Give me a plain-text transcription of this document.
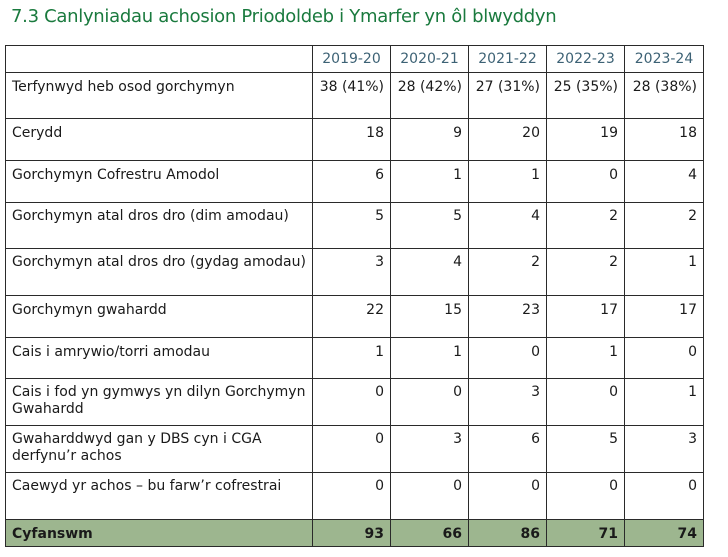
7.3 Canlyniadau achosion Priodoldeb i Ymarfer yn ôl blwyddyn
	2019-20	2020-21	2021-22	2022-23	2023-24
Terfynwyd heb osod gorchymyn	38 (41%)	28 (42%)	27 (31%)	25 (35%)	28 (38%)
Cerydd	18	9	20	19	18
Gorchymyn Cofrestru Amodol	6	1	1	0	4
Gorchymyn atal dros dro (dim amodau)	5	5	4	2	2
Gorchymyn atal dros dro (gydag amodau)	3	4	2	2	1
Gorchymyn gwahardd	22	15	23	17	17
Cais i amrywio/torri amodau	1	1	0	1	0
Cais i fod yn gymwys yn dilyn Gorchymyn Gwahardd	0	0	3	0	1
Gwaharddwyd gan y DBS cyn i CGA derfynu’r achos	0	3	6	5	3
Caewyd yr achos – bu farw’r cofrestrai	0	0	0	0	0
Cyfanswm	93	66	86	71	74
